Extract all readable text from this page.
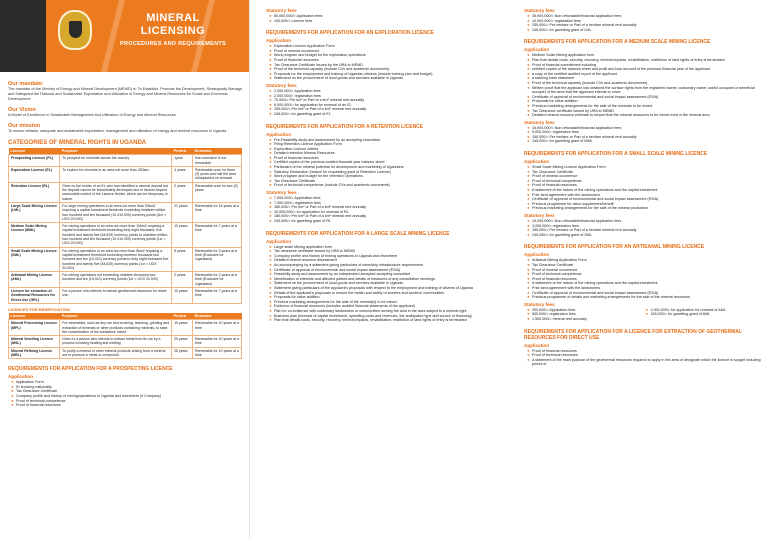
MINERAL
LICENSING
PROCEDURES AND REQUIREMENTS
Our mandate:
The mandate of the Ministry of Energy and Mineral Development (MEMD) is: To Establish, Promote the Development, Strategically Manage and Safeguard the Rational and Sustainable Exploitation and Utilization of Energy and Mineral Resources for Social and Economic Development.
Our Vision
A Model of Excellence in Sustainable Management and Utilization of Energy and Mineral Resources
Our mission
To ensure reliable, adequate and sustainable exploitation, management and utilization of energy and mineral resources in Uganda
CATEGORIES OF MINERAL RIGHTS IN UGANDA
Licence	Purpose	Period	Remarks
Prospecting Licence (PL)	To prospect for minerals across the country	1year	Non-exclusive & not renewable
Exploration Licence (EL)	To explore for minerals in an area not more than 250km²	4 years	Renewable once for three (3) years and half the area relinquished on renewal
Retention Licence (RL)	Given to the holder of an EL who has identified a mineral deposit but the deposit cannot be immediately developed due to factors beyond reasonable control of the Licence Holder, which can be temporary in nature.	2 years	Renewable once for two (2) years
Large Scale Mining Licence (LML)	For large mining operations in an area not more than 50km2 requiring a capital investment threshold exceeding nineteen million four hundred and ten thousand (19,410,000) currency points (Ucr = UGX 20,000)	21 years	Renewable for 15 years at a time
Medium Scale Mining Licence (MML)	For mining operations in an area not more than 10km2 requiring a capital investment threshold exceeding forty eight thousand, five hundred and twenty five (48,525) currency points to nineteen million, four hundred and ten thousand (19,410,000) currency points (1cr = UGX 20,000)	10 years	Renewable for 7 years at a time
Small Scale Mining Licence (SML)	For mining operations in an area not more than 5km2 requiring a capital investment threshold exceeding nineteen thousand four hundred and ten (19,410) currency points to forty eight thousand five hundred and twenty five (48,525) currency points (1cr = UGX 20,000)	5 years	Renewable for 3 years at a time (Exclusive for Ugandans)
Artisanal Mining Licence (AML)	For mining operations not exceeding nineteen thousand four hundred and ten (19,410) currency points (1cr = UGX 20,000)	2 years	Renewable for 2 years at a time (Exclusive for Ugandans)
Licence for extraction of Geothermal Resources for Direct Use (GRL)	For a person who intends to extract geothermal resources for direct use.	10 years	Renewable for 7 years at a time
LICENCES FOR BENEFICIATION
Licence	Purpose	Period	Remarks
Mineral Processing Licence (MPL)	For mineralists, such as any ore and crushing, leaching, grinding and extraction of minerals or other products containing minerals, to raise the concentration of the substance mined	15 years	Renewable for 10 years at a time
Mineral Smelting Licence (MSL)	Given to a person who intends to extract metal from its ore by a process involving heating and melting	25 years	Renewable for 10 years at a time
Mineral Refining Licence (MRL)	To purify a mineral or other mineral products arising from a mineral ore to produce a metal or compound	25 years	Renewable for 10 years at a time
REQUIREMENTS FOR APPLICATION FOR A PROSPECTING LICENCE
Application
❖ Application Form
❖ ID showing nationality
❖ Tax Clearance Certificate
❖ Company profile and history of mining/operations in Uganda and elsewhere (if Company)
❖ Proof of technical competence
❖ Proof of financial resources
Statutory fees
❖ 80,000,000/= Application fees
❖ 100,000/= Licence fees
REQUIREMENTS FOR APPLICATION FOR AN EXPLORATION LICENCE
Application
❖ Exploration Licence Application Form
❖ Proof of mineral occurrence
❖ Work program and budget for the exploration operations
❖ Proof of financial resources
❖ Tax Clearance Certificate issued by the URA to MEMD
❖ Proof of the technical capacity (include CVs and academic documents)
❖ Proposals for the employment and training of Ugandan citizens (include training plan and budget)
❖ Statement on the procurement of local goods and services available in Uganda
Statutory fees
❖ 2,000,000/= Application fees
❖ 2,000,000/= registration fees
❖ 70,000/= Per km² or Part of a km² mineral rent annually
❖ 6,000,000/= for application for renewal of an EL
❖ 150,000/= Per km² or Part of a km² mineral rent annually
❖ 245,000/= for gazetting grant of EL
REQUIREMENTS FOR APPLICATION FOR A RETENTION LICENCE
Application
❖ Pre-Feasibility study and assessment by an accepting consultant
❖ Filing Retention Licence Application Form
❖ Exploration Licence criteria
❖ Detailed retention Mineral Resources
❖ Proof of financial resources
❖ Certified copies of the previous audited financial year balance sheet
❖ Particulars of the mineral potential for development and marketing of Ugandans
❖ Statutory Declaration (reason for requesting grant of Retention Licence)
❖ Work program and budget for the retention Operations
❖ Tax Clearance Certificate
❖ Proof of technical competence (include CVs and academic documents)
Statutory fees
❖ 7,000,000/= Application fees
❖ 7,000,000/= registration fees
❖ 180,000/= Per km² or Part of a km² mineral rent annually
❖ 10,000,000/= for application for renewal of RL
❖ 180,000/= Per km² or Part of a km² mineral rent annually
❖ 245,000/= for gazetting grant of RL
REQUIREMENTS FOR APPLICATION FOR A LARGE SCALE MINING LICENCE
Application
❖ Large scale Mining application form
❖ Tax clearance certificate issued by URA to MEMD
❖ Company profile and history of mining operations in Uganda and elsewhere
❖ Detailed mineral resource assessment
❖ An accompanying by a statement giving particulars of mine/ship infrastructure requirements
❖ Certificate of approval of environmental and social impact assessment (ESIA)
❖ Feasibility study and assessment by an independent accepted accepting consultant
❖ Identification of interests and affected parties and details of measures of any consultation meetings
❖ Statement on the procurement of local goods and services available in Uganda
❖ Statement giving particulars of the applicant's proposals with respect to the employment and training of citizens of Uganda
❖ Details of the applicant's proposals to ensure the health and safety of workers and workers' communities
❖ Proposals for value addition
❖ Previous marketing arrangements for the sale of the mineral(s) to be mined
❖ Evidence of financial resources (includes audited financial statements of the applicant)
❖ Plan for co-existence with customary landowners or communities owning the land in the area subject to a mineral right
❖ Business plan (forecast of capital investment, operating costs and revenues, the anticipated type and source of financing)
❖ Plan that details costs, security, recovery, mineral impacts, rehabilitation, restitution of land rights of entry is terminated
Statutory fees
❖ 35,000,000/= Non-refundable/financial application fees
❖ 10,000,000/= registration fees
❖ 250,000/= Per hectare or Part of a hectare mineral rent annually
❖ 245,000/= for gazetting grant of LML
REQUIREMENTS FOR APPLICATION FOR A MEDIUM SCALE MINING LICENCE
Application
❖ Medium Scale Mining application form
❖ Plan that details costs, security, recovery, mineral impacts, rehabilitation, restitution of land rights of entry is terminated
❖ Proof of financial commitment including
❖ certified copies of the balance sheet and profit and loss account of the previous financial year of the applicant
❖ a copy of the certified audited report of the applicant
❖ a banking bank statement
❖ Proof of the technical capacity (include CVs and academic documents)
❖ Written proof that the applicant has obtained the surface rights from the registered owner, customary owner, lawful occupant or beneficial occupier of the area that the applicant intends to cover
❖ Certificate of approval of environmental and social impact assessment (ESIA)
❖ Proposals for value addition
❖ Previous marketing arrangements for the sale of the minerals to be mined
❖ Tax Clearance certificate issued by URA to MEMD
❖ Detailed mineral resource estimate to ensure that the mineral resources to be mined exist in the mineral area
Statutory fees
❖ 15,000,000/= Non-refundable/financial application fees
❖ 5,000,000/= registration fees
❖ 150,000/= Per hectare or Part of a hectare mineral rent annually
❖ 245,000/= for gazetting grant of MML
REQUIREMENTS FOR APPLICATION FOR A SMALL SCALE MINING LICENCE
Application
❖ Small Scale Mining Licence Application Form
❖ Tax Clearance Certificate
❖ Proof of mineral occurrence
❖ Proof of technical competence
❖ Proof of financial resources
❖ A statement of the nature of the mining operations and the capital investment
❖ Prior land agreement with the landowners
❖ Certificate of approval of environmental and social impact assessment (ESIA)
❖ Previous programme for value supplement/benefit
❖ Previous marketing arrangements for the sale of the mineral production
Statutory fees
❖ 10,000,000/= Non-refundable/financial application fees
❖ 3,000,000/= registration fees
❖ 150,000/= Per hectare or Part of a hectare mineral rent annually
❖ 245,000/= for gazetting grant of SML
REQUIREMENTS FOR APPLICATION FOR AN ARTISANAL MINING LICENCE
Application
❖ Artisanal Mining Application Form
❖ Tax Clearance Certificate
❖ Proof of mineral occurrence
❖ Proof of technical competence
❖ Proof of financial resources
❖ A statement of the nature of the mining operations and the capital investment
❖ Prior land agreement with the landowners
❖ Certificate of approval of environmental and social impact assessment (ESIA)
❖ Previous programme of details and marketing arrangements for the sale of the mineral resources
Statutory fees
❖ 200,000/= Application fees
❖ 500,000/= registration fees
❖ 1,500,000/= mineral rent annually
❖ 2,000,000/= for application for renewal of AML
❖ 245,000/= for gazetting grant of AML
REQUIREMENTS FOR APPLICATION FOR A LICENCE FOR EXTRACTION OF GEOTHERMAL RESOURCES FOR DIRECT USE
Application
❖ Proof of financial resources
❖ Proof of technical resources
❖ A statement of the main purpose of the geothermal resources required to apply in the area of designate which the licence is sought including period of
